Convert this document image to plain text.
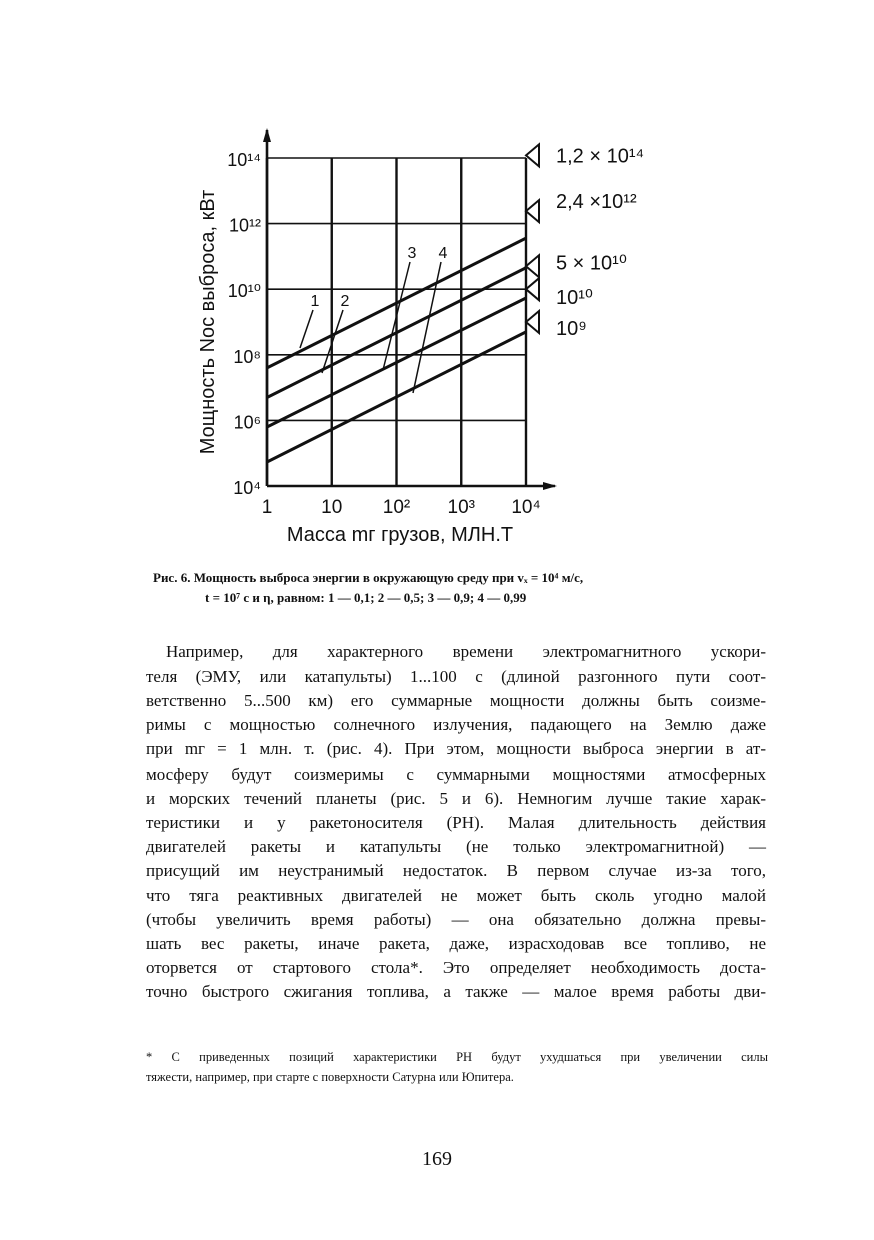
1	10 10² 10³ 10⁴
10⁴
10⁶
10⁸
10¹⁰
10¹²
10¹⁴
Масса mг грузов, МЛН.Т
Мощность Nос выброса, кВт	1 2
3 4
1,2 × 10¹⁴
2,4 ×10¹²
5 × 10¹⁰
10¹⁰
10⁹
Рис. 6. Мощность выброса энергии в окружающую среду при vₓ = 10⁴ м/с,
t = 10⁷ с и η, равном: 1 — 0,1; 2 — 0,5; 3 — 0,9; 4 — 0,99
Например, для характерного времени электромагнитного ускори-
теля (ЭМУ, или катапульты) 1...100 с (длиной разгонного пути соот-
ветственно 5...500 км) его суммарные мощности должны быть соизме-
римы с мощностью солнечного излучения, падающего на Землю даже
при mг = 1 млн. т. (рис. 4). При этом, мощности выброса энергии в ат-
мосферу будут соизмеримы с суммарными мощностями атмосферных
и морских течений планеты (рис. 5 и 6). Немногим лучше такие харак-
теристики и у ракетоносителя (РН). Малая длительность действия
двигателей ракеты и катапульты (не только электромагнитной) —
присущий им неустранимый недостаток. В первом случае из-за того,
что тяга реактивных двигателей не может быть сколь угодно малой
(чтобы увеличить время работы) — она обязательно должна превы-
шать вес ракеты, иначе ракета, даже, израсходовав все топливо, не
оторвется от стартового стола*. Это определяет необходимость доста-
точно быстрого сжигания топлива, а также — малое время работы дви-
* С приведенных позиций характеристики РН будут ухудшаться при увеличении силы
тяжести, например, при старте с поверхности Сатурна или Юпитера.
169
